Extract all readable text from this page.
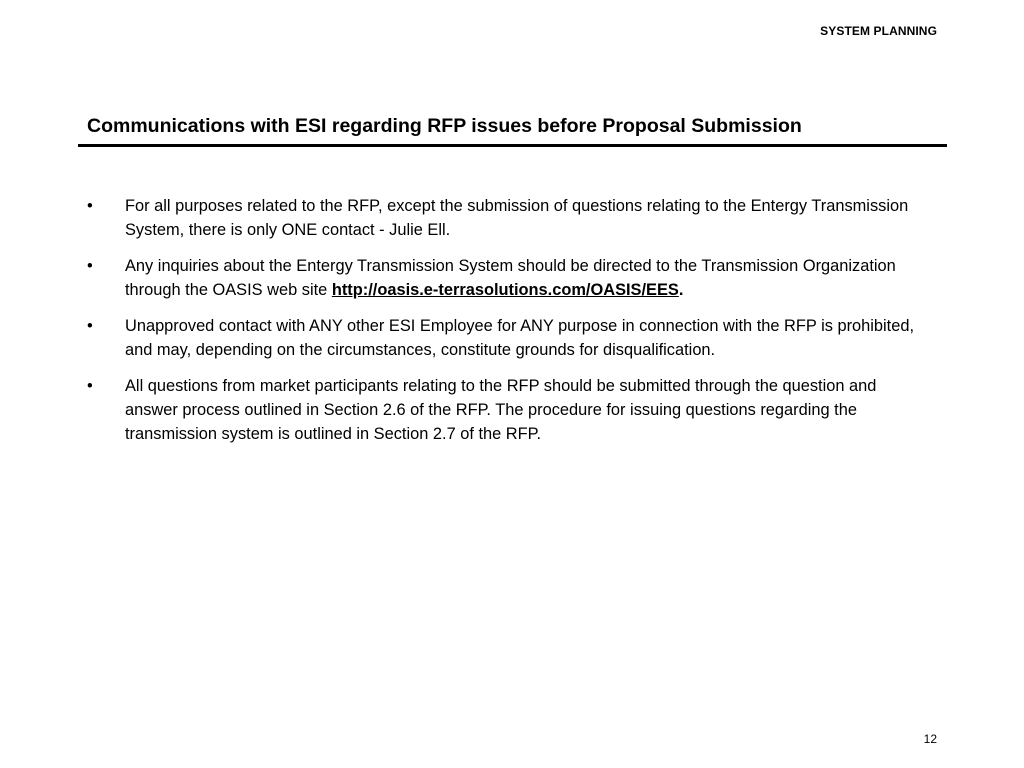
SYSTEM PLANNING
Communications with ESI regarding RFP issues before Proposal Submission
• For all purposes related to the RFP, except the submission of questions relating to the Entergy Transmission System, there is only ONE contact - Julie Ell.
• Any inquiries about the Entergy Transmission System should be directed to the Transmission Organization through the OASIS web site http://oasis.e-terrasolutions.com/OASIS/EES.
• Unapproved contact with ANY other ESI Employee for ANY purpose in connection with the RFP is prohibited, and may, depending on the circumstances, constitute grounds for disqualification.
• All questions from market participants relating to the RFP should be submitted through the question and answer process outlined in Section 2.6 of the RFP. The procedure for issuing questions regarding the transmission system is outlined in Section 2.7 of the RFP.
12
